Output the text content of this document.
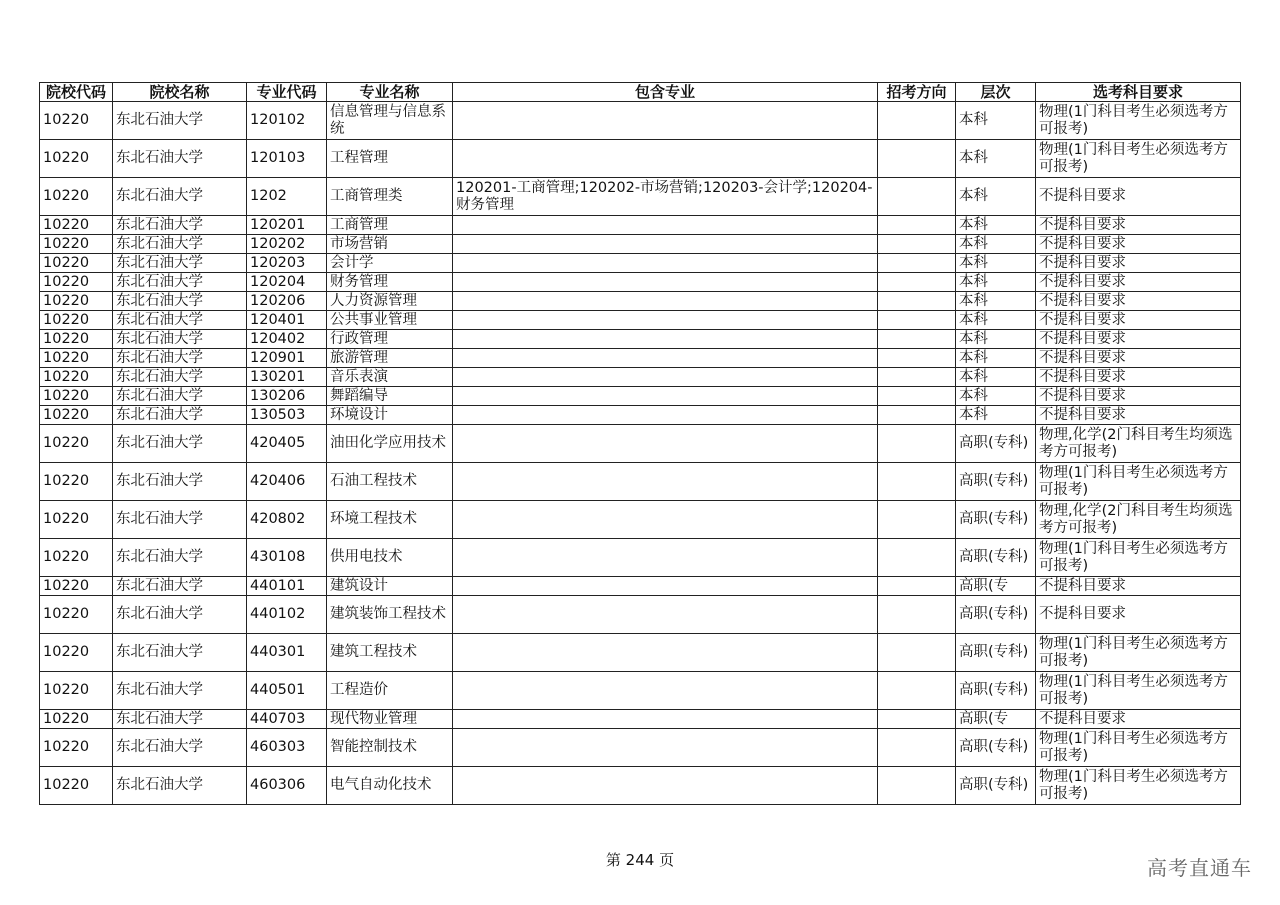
院校代码	院校名称	专业代码	专业名称	包含专业	招考方向	层次	选考科目要求
10220	东北石油大学	120102	信息管理与信息系统			本科	物理(1门科目考生必须选考方可报考)
10220	东北石油大学	120103	工程管理			本科	物理(1门科目考生必须选考方可报考)
10220	东北石油大学	1202	工商管理类	120201-工商管理;120202-市场营销;120203-会计学;120204-财务管理		本科	不提科目要求
10220	东北石油大学	120201	工商管理			本科	不提科目要求
10220	东北石油大学	120202	市场营销			本科	不提科目要求
10220	东北石油大学	120203	会计学			本科	不提科目要求
10220	东北石油大学	120204	财务管理			本科	不提科目要求
10220	东北石油大学	120206	人力资源管理			本科	不提科目要求
10220	东北石油大学	120401	公共事业管理			本科	不提科目要求
10220	东北石油大学	120402	行政管理			本科	不提科目要求
10220	东北石油大学	120901	旅游管理			本科	不提科目要求
10220	东北石油大学	130201	音乐表演			本科	不提科目要求
10220	东北石油大学	130206	舞蹈编导			本科	不提科目要求
10220	东北石油大学	130503	环境设计			本科	不提科目要求
10220	东北石油大学	420405	油田化学应用技术			高职(专科)	物理,化学(2门科目考生均须选考方可报考)
10220	东北石油大学	420406	石油工程技术			高职(专科)	物理(1门科目考生必须选考方可报考)
10220	东北石油大学	420802	环境工程技术			高职(专科)	物理,化学(2门科目考生均须选考方可报考)
10220	东北石油大学	430108	供用电技术			高职(专科)	物理(1门科目考生必须选考方可报考)
10220	东北石油大学	440101	建筑设计			高职(专	不提科目要求
10220	东北石油大学	440102	建筑装饰工程技术			高职(专科)	不提科目要求
10220	东北石油大学	440301	建筑工程技术			高职(专科)	物理(1门科目考生必须选考方可报考)
10220	东北石油大学	440501	工程造价			高职(专科)	物理(1门科目考生必须选考方可报考)
10220	东北石油大学	440703	现代物业管理			高职(专	不提科目要求
10220	东北石油大学	460303	智能控制技术			高职(专科)	物理(1门科目考生必须选考方可报考)
10220	东北石油大学	460306	电气自动化技术			高职(专科)	物理(1门科目考生必须选考方可报考)
第 244 页	高考直通车
